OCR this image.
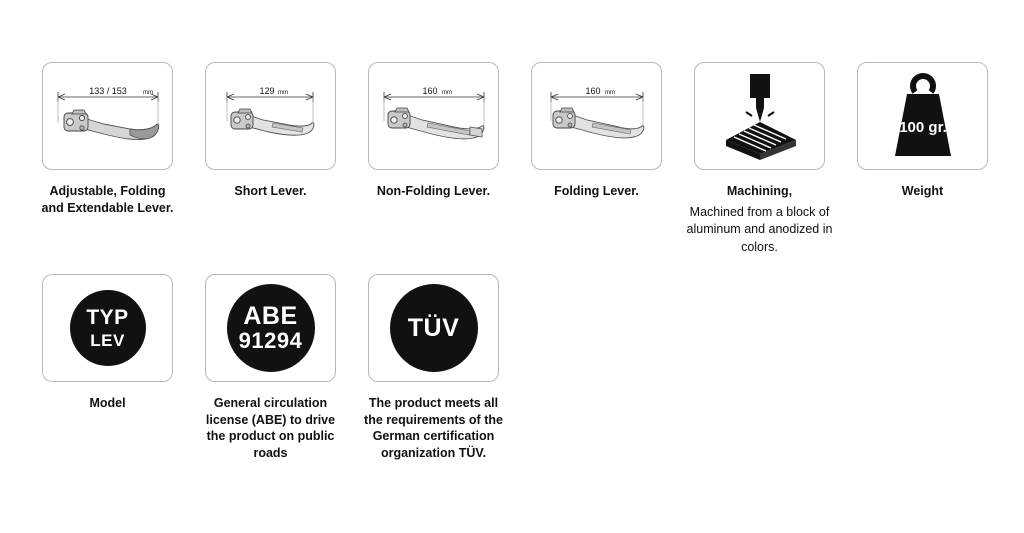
133 / 153	mm
Adjustable, Folding and Extendable Lever.
129 mm
Short Lever.
160 mm
Non-Folding Lever.
160 mm
Folding Lever.	Machining,
Machined from a block of aluminum and anodized in colors.
100 gr.
Weight
TYP
LEV
Model
ABE
91294
General circulation license (ABE) to drive the product on public roads
TÜV
The product meets all the requirements of the German certification organization TÜV.
